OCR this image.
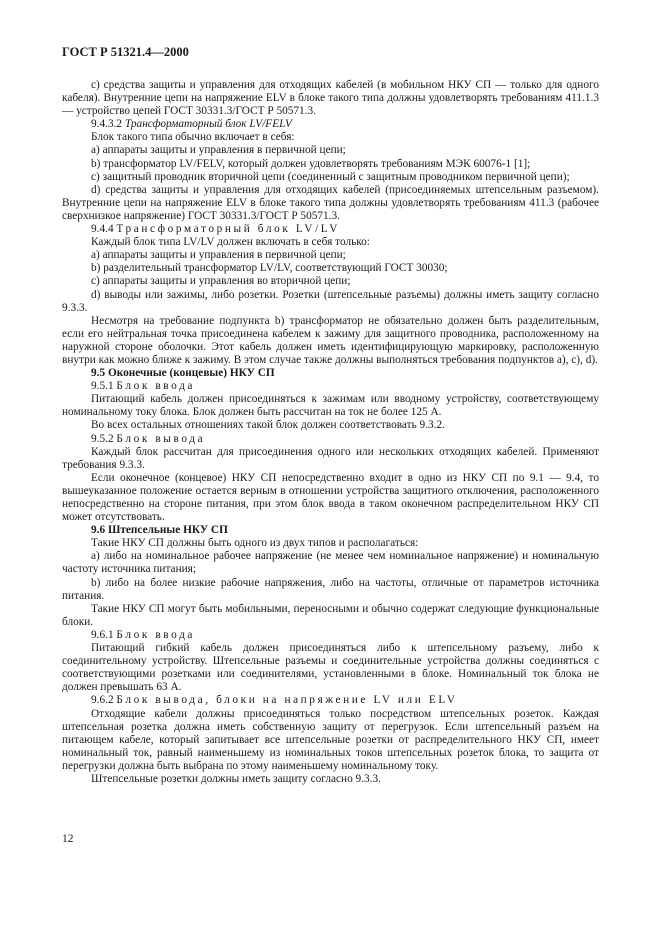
ГОСТ Р 51321.4—2000
c) средства защиты и управления для отходящих кабелей (в мобильном НКУ СП — только для одного кабеля). Внутренние цепи на напряжение ELV в блоке такого типа должны удовлетворять требованиям 411.1.3 — устройство цепей ГОСТ 30331.3/ГОСТ Р 50571.3.
9.4.3.2 Трансформаторный блок LV/FELV
Блок такого типа обычно включает в себя:
a) аппараты защиты и управления в первичной цепи;
b) трансформатор LV/FELV, который должен удовлетворять требованиям МЭК 60076-1 [1];
c) защитный проводник вторичной цепи (соединенный с защитным проводником первичной цепи);
d) средства защиты и управления для отходящих кабелей (присоединяемых штепсельным разъемом). Внутренние цепи на напряжение ELV в блоке такого типа должны удовлетворять требованиям 411.3 (рабочее сверхнизкое напряжение) ГОСТ 30331.3/ГОСТ Р 50571.3.
9.4.4 Трансформаторный блок LV/LV
Каждый блок типа LV/LV должен включать в себя только:
a) аппараты защиты и управления в первичной цепи;
b) разделительный трансформатор LV/LV, соответствующий ГОСТ 30030;
c) аппараты защиты и управления во вторичной цепи;
d) выводы или зажимы, либо розетки. Розетки (штепсельные разъемы) должны иметь защиту согласно 9.3.3.
Несмотря на требование подпункта b) трансформатор не обязательно должен быть разделительным, если его нейтральная точка присоединена кабелем к зажиму для защитного проводника, расположенному на наружной стороне оболочки. Этот кабель должен иметь идентифицирующую маркировку, расположенную внутри как можно ближе к зажиму. В этом случае также должны выполняться требования подпунктов a), c), d).
9.5 Оконечные (концевые) НКУ СП
9.5.1 Блок ввода
Питающий кабель должен присоединяться к зажимам или вводному устройству, соответствующему номинальному току блока. Блок должен быть рассчитан на ток не более 125 А.
Во всех остальных отношениях такой блок должен соответствовать 9.3.2.
9.5.2 Блок вывода
Каждый блок рассчитан для присоединения одного или нескольких отходящих кабелей. Применяют требования 9.3.3.
Если оконечное (концевое) НКУ СП непосредственно входит в одно из НКУ СП по 9.1 — 9.4, то вышеуказанное положение остается верным в отношении устройства защитного отключения, расположенного непосредственно на стороне питания, при этом блок ввода в таком оконечном распределительном НКУ СП может отсутствовать.
9.6 Штепсельные НКУ СП
Такие НКУ СП должны быть одного из двух типов и располагаться:
a) либо на номинальное рабочее напряжение (не менее чем номинальное напряжение) и номинальную частоту источника питания;
b) либо на более низкие рабочие напряжения, либо на частоты, отличные от параметров источника питания.
Такие НКУ СП могут быть мобильными, переносными и обычно содержат следующие функциональные блоки.
9.6.1 Блок ввода
Питающий гибкий кабель должен присоединяться либо к штепсельному разъему, либо к соединительному устройству. Штепсельные разъемы и соединительные устройства должны соединяться с соответствующими розетками или соединителями, установленными в блоке. Номинальный ток блока не должен превышать 63 А.
9.6.2 Блок вывода, блоки на напряжение LV или ELV
Отходящие кабели должны присоединяться только посредством штепсельных розеток. Каждая штепсельная розетка должна иметь собственную защиту от перегрузок. Если штепсельный разъем на питающем кабеле, который запитывает все штепсельные розетки от распределительного НКУ СП, имеет номинальный ток, равный наименьшему из номинальных токов штепсельных розеток блока, то защита от перегрузки должна быть выбрана по этому наименьшему номинальному току.
Штепсельные розетки должны иметь защиту согласно 9.3.3.
12
